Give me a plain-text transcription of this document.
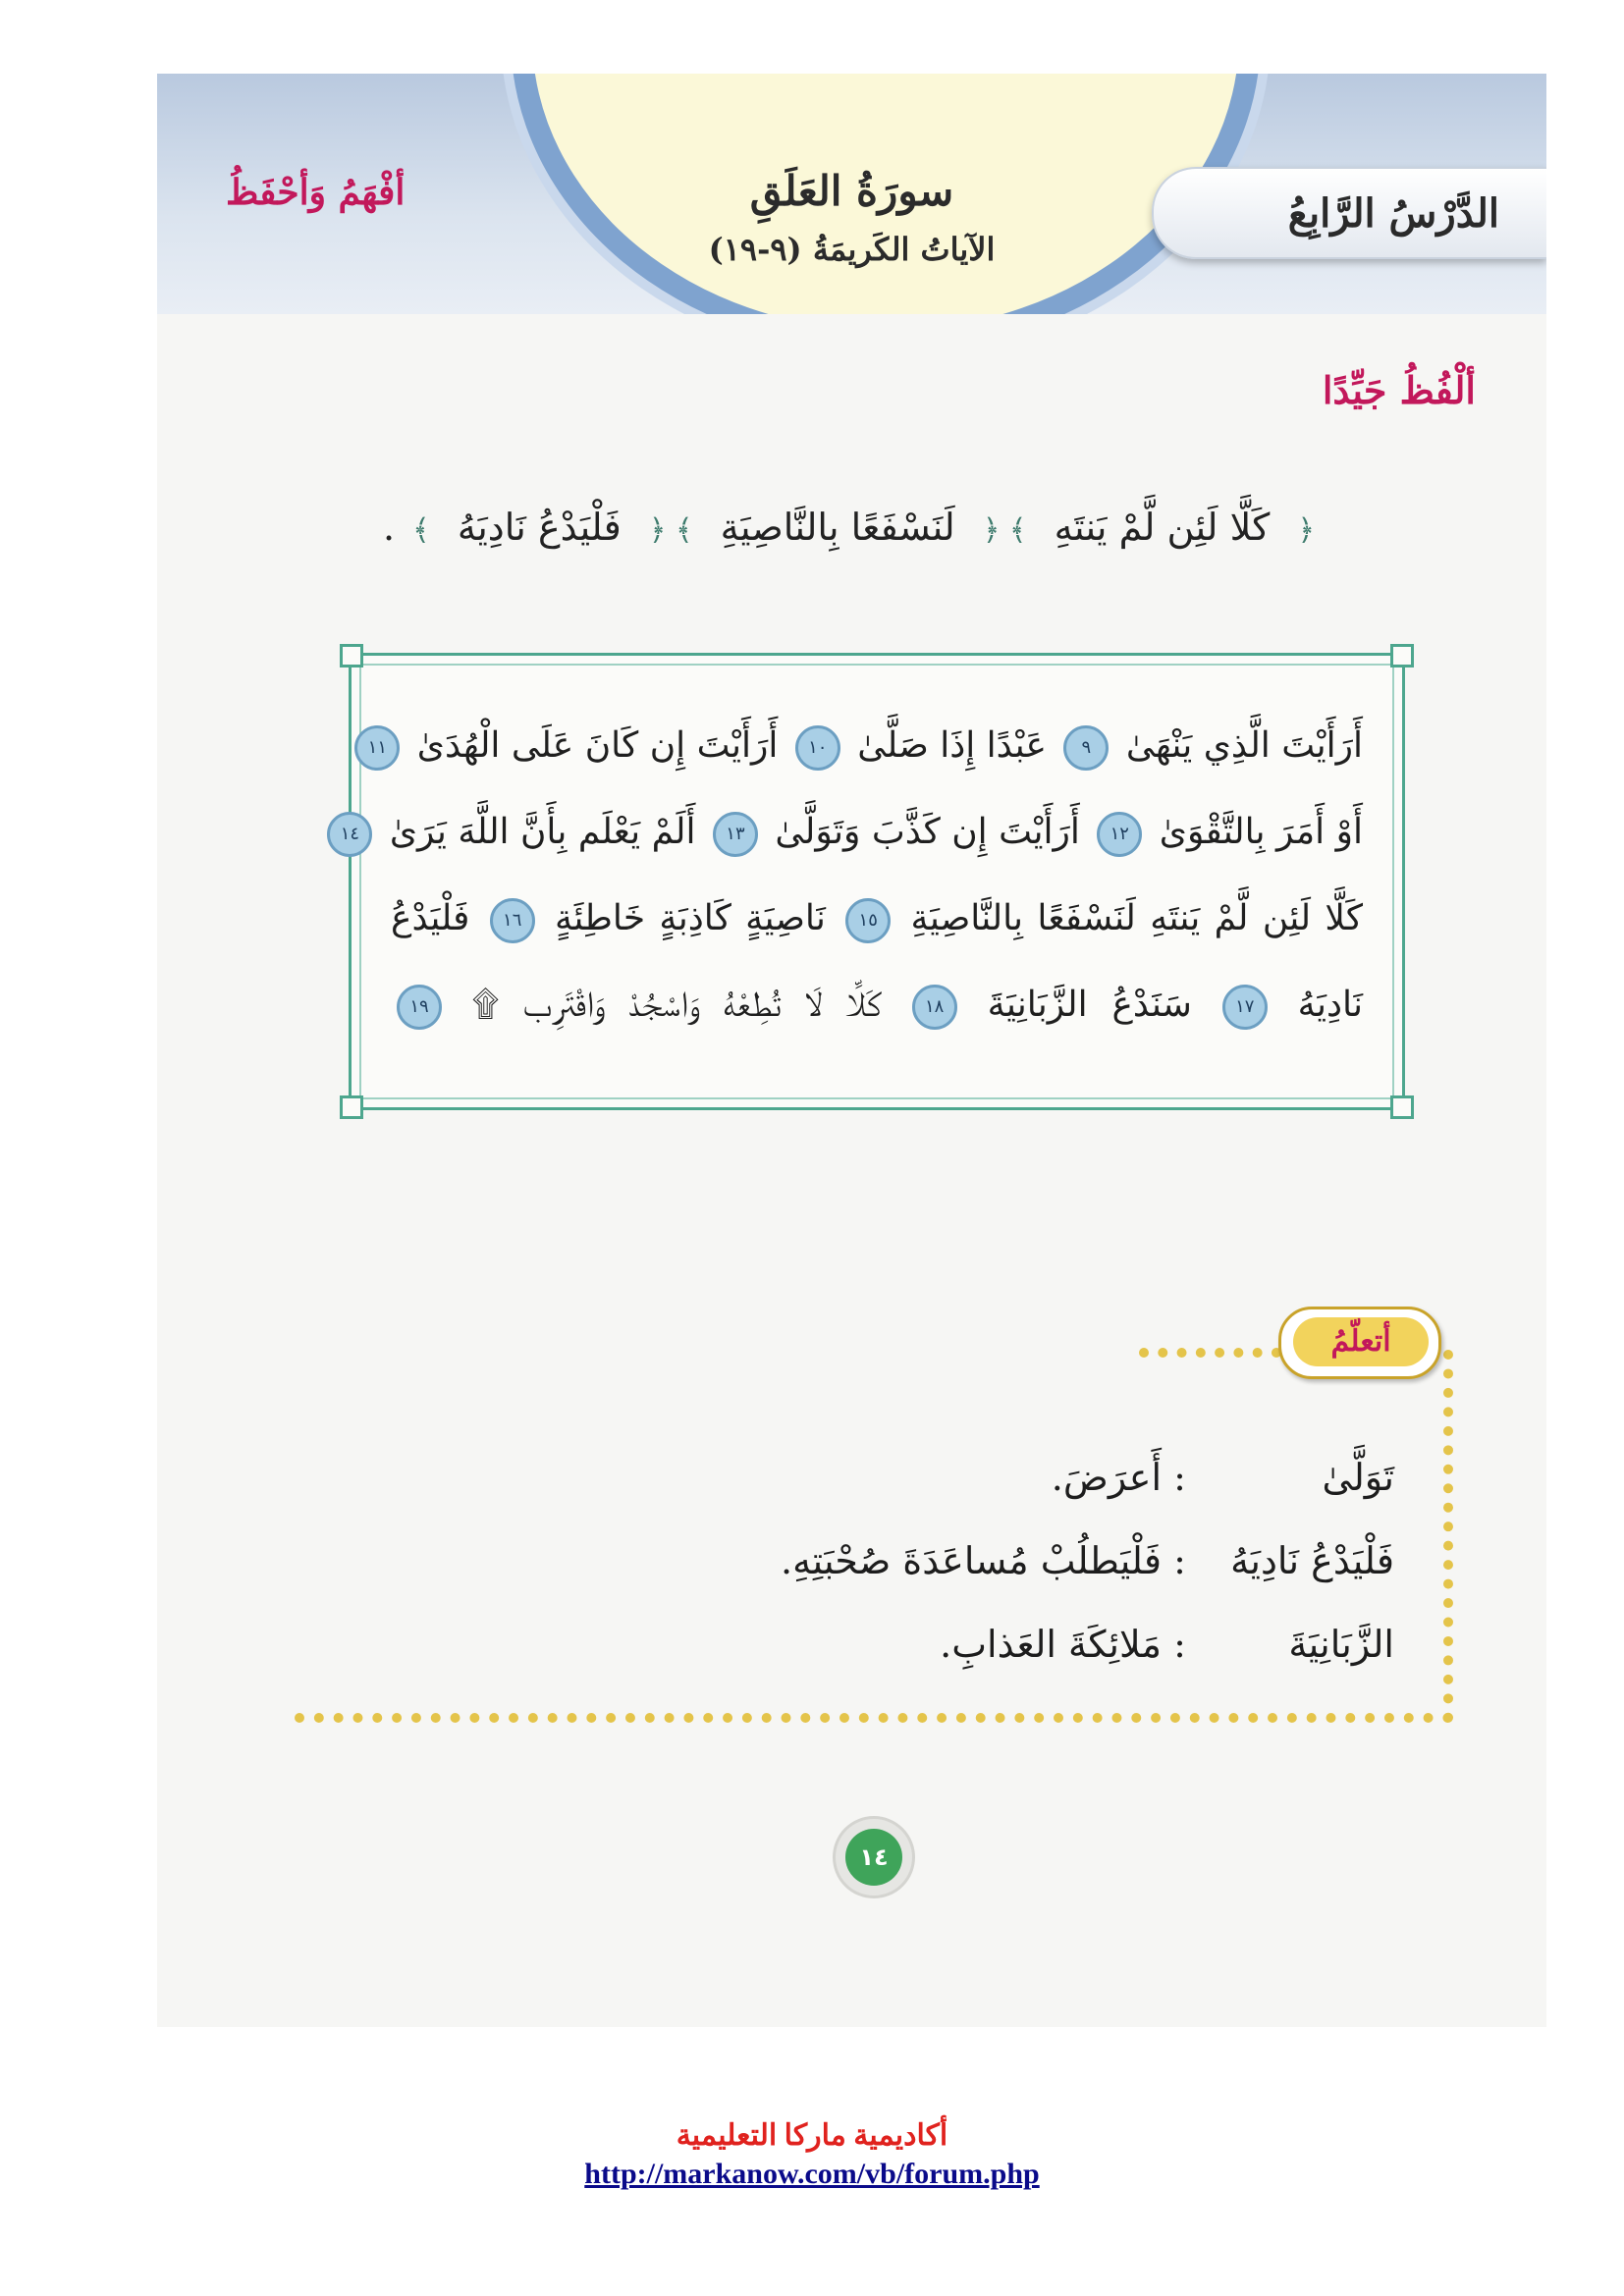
الدَّرْسُ الرَّابِعُ
سورَةُ العَلَقِ
الآياتُ الكَريمَةُ (٩-١٩)
أفْهَمُ وَأحْفَظُ
ألْفُظُ جَيِّدًا
﴿ كَلَّا لَئِن لَّمْ يَنتَهِ ﴾ ﴿ لَنَسْفَعًا بِالنَّاصِيَةِ ﴾ ﴿ فَلْيَدْعُ نَادِيَهُ ﴾ .
أَرَأَيْتَ الَّذِي يَنْهَىٰ ٩ عَبْدًا إِذَا صَلَّىٰ ١٠ أَرَأَيْتَ إِن كَانَ عَلَى الْهُدَىٰ ١١
أَوْ أَمَرَ بِالتَّقْوَىٰ ١٢ أَرَأَيْتَ إِن كَذَّبَ وَتَوَلَّىٰ ١٣ أَلَمْ يَعْلَم بِأَنَّ اللَّهَ يَرَىٰ ١٤
كَلَّا لَئِن لَّمْ يَنتَهِ لَنَسْفَعًا بِالنَّاصِيَةِ ١٥ نَاصِيَةٍ كَاذِبَةٍ خَاطِئَةٍ ١٦ فَلْيَدْعُ
نَادِيَهُ ١٧ سَنَدْعُ الزَّبَانِيَةَ ١٨ كَلَّا لَا تُطِعْهُ وَاسْجُدْ وَاقْتَرِب ۩ ١٩
أتعلّمُ
تَوَلَّىٰ : أَعرَضَ.
فَلْيَدْعُ نَادِيَهُ : فَلْيَطلُبْ مُساعَدَةَ صُحْبَتِهِ.
الزَّبَانِيَةَ : مَلائِكَةَ العَذابِ.
١٤
أكاديمية ماركا التعليمية
http://markanow.com/vb/forum.php
